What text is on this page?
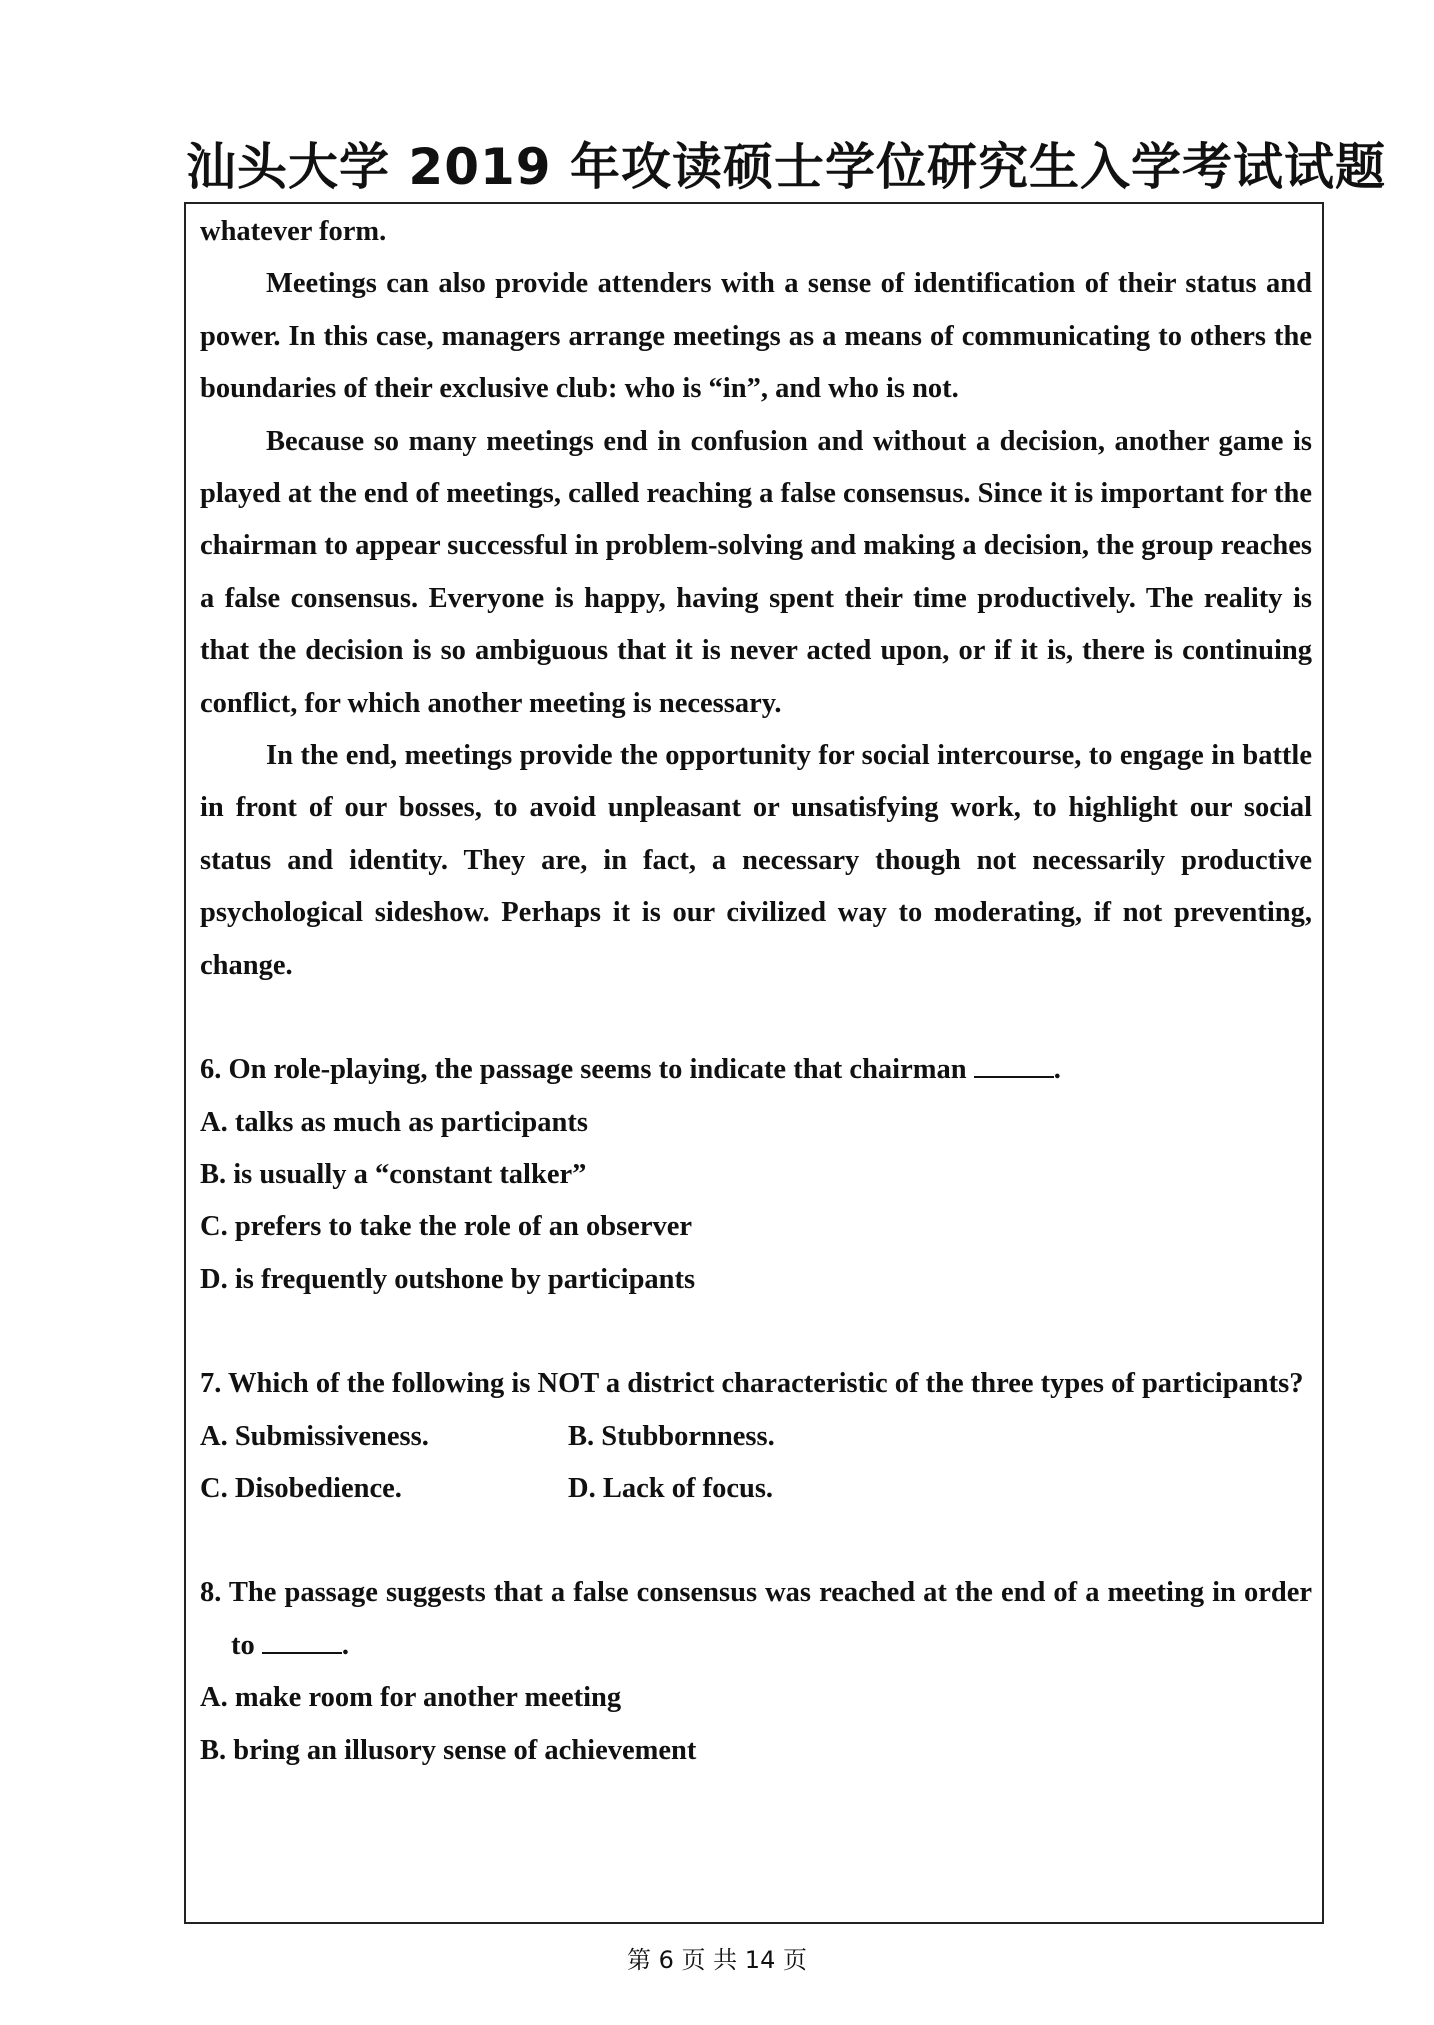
汕头大学 2019 年攻读硕士学位研究生入学考试试题

whatever form.

Meetings can also provide attenders with a sense of identification of their status and power. In this case, managers arrange meetings as a means of communicating to others the boundaries of their exclusive club: who is “in”, and who is not.

Because so many meetings end in confusion and without a decision, another game is played at the end of meetings, called reaching a false consensus. Since it is important for the chairman to appear successful in problem-solving and making a decision, the group reaches a false consensus. Everyone is happy, having spent their time productively. The reality is that the decision is so ambiguous that it is never acted upon, or if it is, there is continuing conflict, for which another meeting is necessary.

In the end, meetings provide the opportunity for social intercourse, to engage in battle in front of our bosses, to avoid unpleasant or unsatisfying work, to highlight our social status and identity. They are, in fact, a necessary though not necessarily productive psychological sideshow. Perhaps it is our civilized way to moderating, if not preventing, change.

6. On role-playing, the passage seems to indicate that chairman	.

A. talks as much as participants

B. is usually a “constant talker”

C. prefers to take the role of an observer

D. is frequently outshone by participants

7. Which of the following is NOT a district characteristic of the three types of participants?

A. Submissiveness.	B. Stubbornness.
C. Disobedience.	D. Lack of focus.

8. The passage suggests that a false consensus was reached at the end of a meeting in order to	.

A. make room for another meeting

B. bring an illusory sense of achievement

第 6 页 共 14 页
